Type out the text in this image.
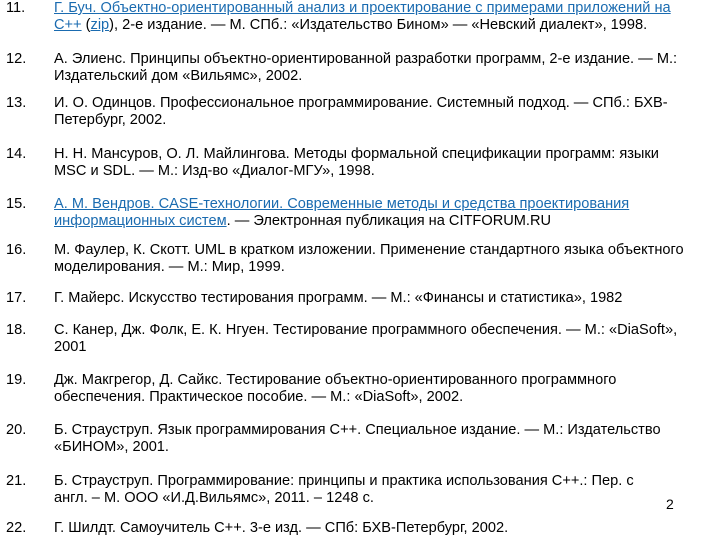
11.	Г. Буч. Объектно-ориентированный анализ и проектирование с примерами приложений на С++ (zip), 2-е издание. — М. СПб.: «Издательство Бином» — «Невский диалект», 1998.
12.	А. Элиенс. Принципы объектно-ориентированной разработки программ, 2-е издание. — М.: Издательский дом «Вильямс», 2002.
13.	И. О. Одинцов. Профессиональное программирование. Системный подход. — СПб.: БХВ-Петербург, 2002.
14.	Н. Н. Мансуров, О. Л. Майлингова. Методы формальной спецификации программ: языки MSC и SDL. — М.: Изд-во «Диалог-МГУ», 1998.
15.	А. М. Вендров. CASE-технологии. Современные методы и средства проектирования информационных систем. — Электронная публикация на CITFORUM.RU
16.	М. Фаулер, К. Скотт. UML в кратком изложении. Применение стандартного языка объектного моделирования. — М.: Мир, 1999.
17.	Г. Майерс. Искусство тестирования программ. — М.: «Финансы и статистика», 1982
18.	С. Канер, Дж. Фолк, Е. К. Нгуен. Тестирование программного обеспечения. — М.: «DiaSoft», 2001
19.	Дж. Макгрегор, Д. Сайкс. Тестирование объектно-ориентированного программного обеспечения. Практическое пособие. — М.: «DiaSoft», 2002.
20.	Б. Страуструп. Язык программирования С++. Специальное издание. — М.: Издательство «БИНОМ», 2001.
21.	Б. Страуструп. Программирование: принципы и практика использования С++.: Пер. с англ. – М. ООО «И.Д.Вильямс», 2011. – 1248 с.	2
22.	Г. Шилдт. Самоучитель С++. 3-е изд. — СПб: БХВ-Петербург, 2002.
